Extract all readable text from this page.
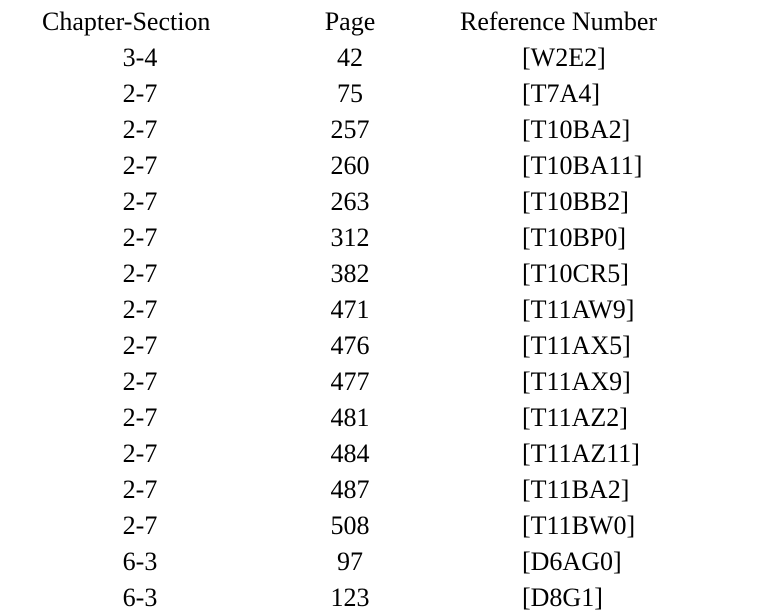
Chapter-Section	Page	Reference Number
3-4	42	[W2E2]
2-7	75	[T7A4]
2-7	257	[T10BA2]
2-7	260	[T10BA11]
2-7	263	[T10BB2]
2-7	312	[T10BP0]
2-7	382	[T10CR5]
2-7	471	[T11AW9]
2-7	476	[T11AX5]
2-7	477	[T11AX9]
2-7	481	[T11AZ2]
2-7	484	[T11AZ11]
2-7	487	[T11BA2]
2-7	508	[T11BW0]
6-3	97	[D6AG0]
6-3	123	[D8G1]
